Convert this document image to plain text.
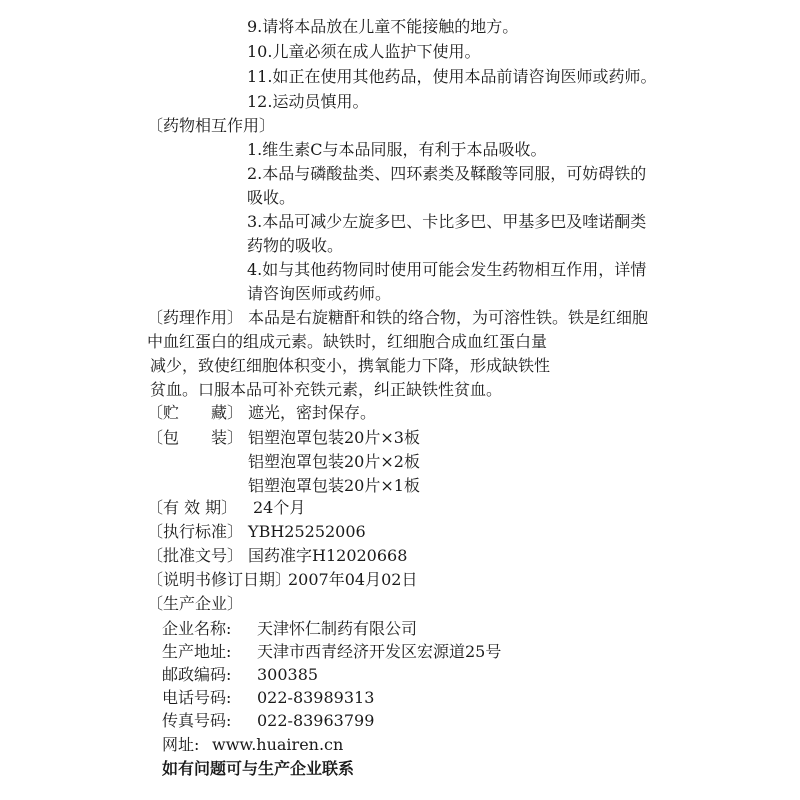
9.请将本品放在儿童不能接触的地方。
10.儿童必须在成人监护下使用。
11.如正在使用其他药品，使用本品前请咨询医师或药师。
12.运动员慎用。
〔药物相互作用〕
1.维生素C与本品同服，有利于本品吸收。
2.本品与磷酸盐类、四环素类及鞣酸等同服，可妨碍铁的
吸收。
3.本品可减少左旋多巴、卡比多巴、甲基多巴及喹诺酮类
药物的吸收。
4.如与其他药物同时使用可能会发生药物相互作用，详情
请咨询医师或药师。
〔药理作用〕 本品是右旋糖酐和铁的络合物，为可溶性铁。铁是红细胞
中血红蛋白的组成元素。缺铁时，红细胞合成血红蛋白量
减少，致使红细胞体积变小，携氧能力下降，形成缺铁性
贫血。口服本品可补充铁元素，纠正缺铁性贫血。
〔贮　　藏〕 遮光，密封保存。
〔包　　装〕 铝塑泡罩包装20片×3板
铝塑泡罩包装20片×2板
铝塑泡罩包装20片×1板
〔有 效 期〕 24个月
〔执行标准〕 YBH25252006
〔批准文号〕 国药准字H12020668
〔说明书修订日期〕
2007年04月02日
〔生产企业〕
企业名称: 天津怀仁制药有限公司
生产地址: 天津市西青经济开发区宏源道25号
邮政编码: 300385
电话号码: 022-83989313
传真号码: 022-83963799
网址: www.huairen.cn
如有问题可与生产企业联系
